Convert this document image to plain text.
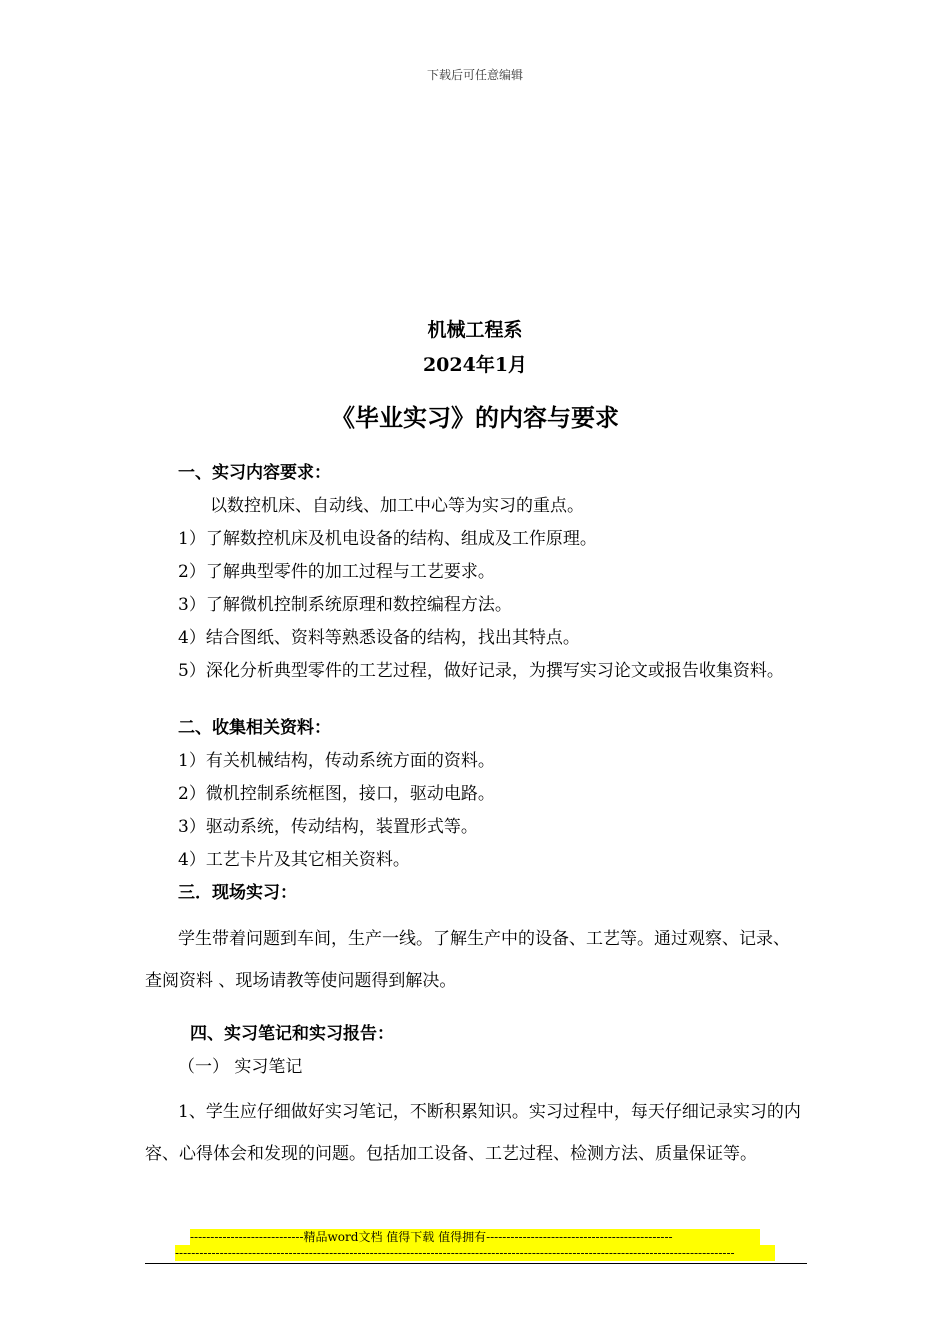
下载后可任意编辑
机械工程系
2024年1月
《毕业实习》的内容与要求
一、实习内容要求：
以数控机床、自动线、加工中心等为实习的重点。
1）了解数控机床及机电设备的结构、组成及工作原理。
2）了解典型零件的加工过程与工艺要求。
3）了解微机控制系统原理和数控编程方法。
4）结合图纸、资料等熟悉设备的结构，找出其特点。
5）深化分析典型零件的工艺过程，做好记录，为撰写实习论文或报告收集资料。
二、收集相关资料：
1）有关机械结构，传动系统方面的资料。
2）微机控制系统框图，接口，驱动电路。
3）驱动系统，传动结构，装置形式等。
4）工艺卡片及其它相关资料。
三．现场实习：
学生带着问题到车间，生产一线。了解生产中的设备、工艺等。通过观察、记录、查阅资料 、现场请教等使问题得到解决。
四、实习笔记和实习报告：
（一） 实习笔记
1、学生应仔细做好实习笔记，不断积累知识。实习过程中，每天仔细记录实习的内容、心得体会和发现的问题。包括加工设备、工艺过程、检测方法、质量保证等。
----------------------------精品word文档 值得下载 值得拥有----------------------------------------------
------------------------------------------------------------------------------------------------------------------------------------------
